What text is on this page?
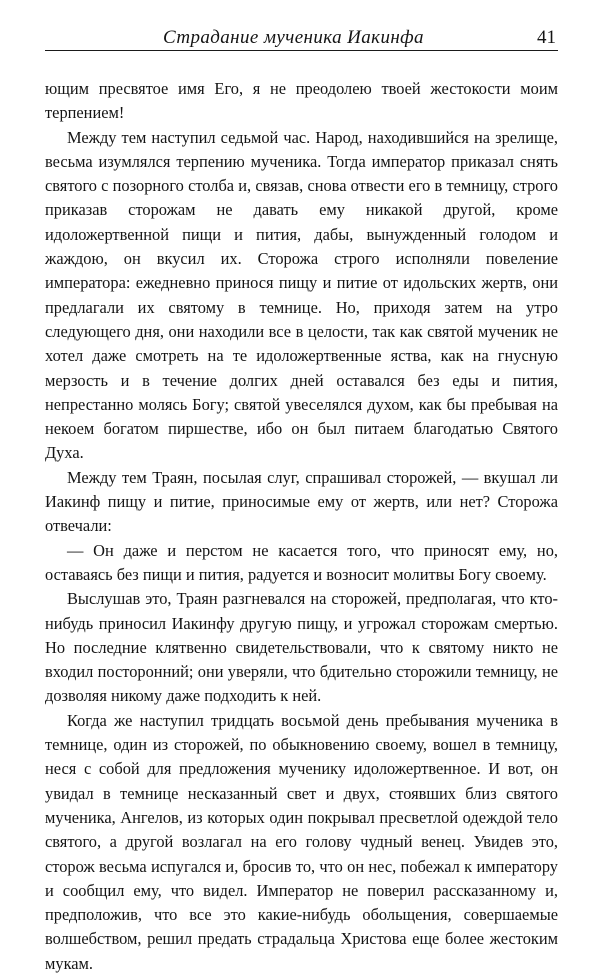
Страдание мученика Иакинфа	41

ющим пресвятое имя Его, я не преодолею твоей жестокости моим терпением!

Между тем наступил седьмой час. Народ, находившийся на зрелище, весьма изумлялся терпению мученика. Тогда император приказал снять святого с позорного столба и, связав, снова отвести его в темницу, строго приказав сторожам не давать ему никакой другой, кроме идоложертвенной пищи и пития, дабы, вынужденный голодом и жаждою, он вкусил их. Сторожа строго исполняли повеление императора: ежедневно принося пищу и питие от идольских жертв, они предлагали их святому в темнице. Но, приходя затем на утро следующего дня, они находили все в целости, так как святой мученик не хотел даже смотреть на те идоложертвенные яства, как на гнусную мерзость и в течение долгих дней оставался без еды и пития, непрестанно молясь Богу; святой увеселялся духом, как бы пребывая на некоем богатом пиршестве, ибо он был питаем благодатью Святого Духа.

Между тем Траян, посылая слуг, спрашивал сторожей, — вкушал ли Иакинф пищу и питие, приносимые ему от жертв, или нет? Сторожа отвечали:

— Он даже и перстом не касается того, что приносят ему, но, оставаясь без пищи и пития, радуется и возносит молитвы Богу своему.

Выслушав это, Траян разгневался на сторожей, предполагая, что кто-нибудь приносил Иакинфу другую пищу, и угрожал сторожам смертью. Но последние клятвенно свидетельствовали, что к святому никто не входил посторонний; они уверяли, что бдительно сторожили темницу, не дозволяя никому даже подходить к ней.

Когда же наступил тридцать восьмой день пребывания мученика в темнице, один из сторожей, по обыкновению своему, вошел в темницу, неся с собой для предложения мученику идоложертвенное. И вот, он увидал в темнице несказанный свет и двух, стоявших близ святого мученика, Ангелов, из которых один покрывал пресветлой одеждой тело святого, а другой возлагал на его голову чудный венец. Увидев это, сторож весьма испугался и, бросив то, что он нес, побежал к императору и сообщил ему, что видел. Император не поверил рассказанному и, предположив, что все это какие-нибудь обольщения, совершаемые волшебством, решил предать страдальца Христова еще более жестоким мукам.
